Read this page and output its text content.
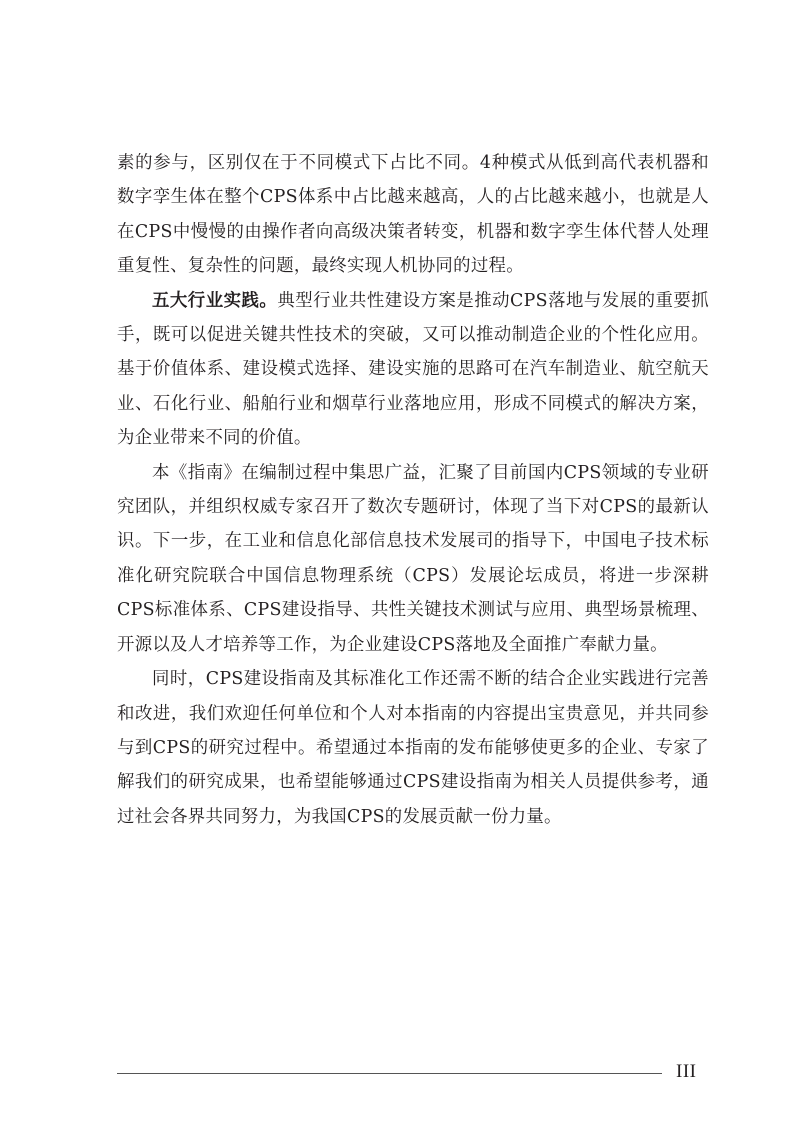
素的参与，区别仅在于不同模式下占比不同。4种模式从低到高代表机器和数字孪生体在整个CPS体系中占比越来越高，人的占比越来越小，也就是人在CPS中慢慢的由操作者向高级决策者转变，机器和数字孪生体代替人处理重复性、复杂性的问题，最终实现人机协同的过程。

五大行业实践。典型行业共性建设方案是推动CPS落地与发展的重要抓手，既可以促进关键共性技术的突破，又可以推动制造企业的个性化应用。基于价值体系、建设模式选择、建设实施的思路可在汽车制造业、航空航天业、石化行业、船舶行业和烟草行业落地应用，形成不同模式的解决方案，为企业带来不同的价值。

本《指南》在编制过程中集思广益，汇聚了目前国内CPS领域的专业研究团队，并组织权威专家召开了数次专题研讨，体现了当下对CPS的最新认识。下一步，在工业和信息化部信息技术发展司的指导下，中国电子技术标准化研究院联合中国信息物理系统（CPS）发展论坛成员，将进一步深耕CPS标准体系、CPS建设指导、共性关键技术测试与应用、典型场景梳理、开源以及人才培养等工作，为企业建设CPS落地及全面推广奉献力量。

同时，CPS建设指南及其标准化工作还需不断的结合企业实践进行完善和改进，我们欢迎任何单位和个人对本指南的内容提出宝贵意见，并共同参与到CPS的研究过程中。希望通过本指南的发布能够使更多的企业、专家了解我们的研究成果，也希望能够通过CPS建设指南为相关人员提供参考，通过社会各界共同努力，为我国CPS的发展贡献一份力量。

III
